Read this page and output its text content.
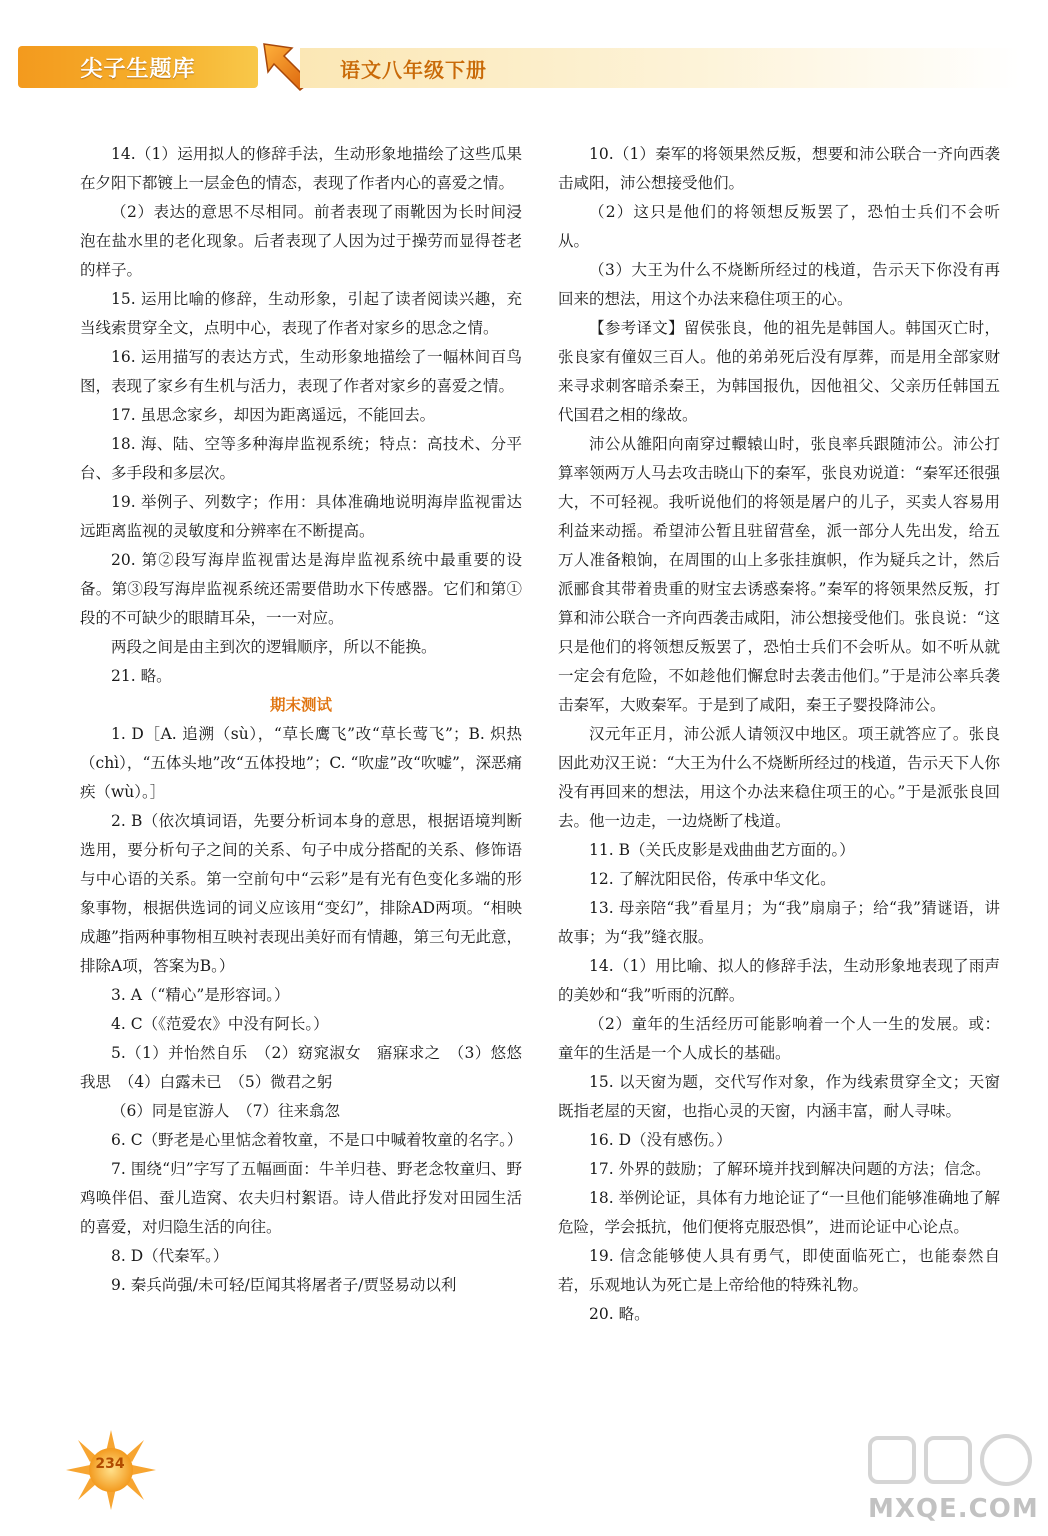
尖子生题库	语文八年级下册
14.（1）运用拟人的修辞手法，生动形象地描绘了这些瓜果在夕阳下都镀上一层金色的情态，表现了作者内心的喜爱之情。
（2）表达的意思不尽相同。前者表现了雨靴因为长时间浸泡在盐水里的老化现象。后者表现了人因为过于操劳而显得苍老的样子。
15. 运用比喻的修辞，生动形象，引起了读者阅读兴趣，充当线索贯穿全文，点明中心，表现了作者对家乡的思念之情。
16. 运用描写的表达方式，生动形象地描绘了一幅林间百鸟图，表现了家乡有生机与活力，表现了作者对家乡的喜爱之情。
17. 虽思念家乡，却因为距离遥远，不能回去。
18. 海、陆、空等多种海岸监视系统；特点：高技术、分平台、多手段和多层次。
19. 举例子、列数字；作用：具体准确地说明海岸监视雷达远距离监视的灵敏度和分辨率在不断提高。
20. 第②段写海岸监视雷达是海岸监视系统中最重要的设备。第③段写海岸监视系统还需要借助水下传感器。它们和第①段的不可缺少的眼睛耳朵，一一对应。
两段之间是由主到次的逻辑顺序，所以不能换。
21. 略。
期末测试
1. D［A. 追溯（sù），“草长鹰飞”改“草长莺飞”；B. 炽热（chì），“五体头地”改“五体投地”；C. “吹虚”改“吹嘘”，深恶痛疾（wù）。］
2. B（依次填词语，先要分析词本身的意思，根据语境判断选用，要分析句子之间的关系、句子中成分搭配的关系、修饰语与中心语的关系。第一空前句中“云彩”是有光有色变化多端的形象事物，根据供选词的词义应该用“变幻”，排除AD两项。“相映成趣”指两种事物相互映衬表现出美好而有情趣，第三句无此意，排除A项，答案为B。）
3. A（“精心”是形容词。）
4. C（《范爱农》中没有阿长。）
5.（1）并怡然自乐　（2）窈窕淑女　寤寐求之　（3）悠悠我思　（4）白露未已　（5）微君之躬
（6）同是宦游人　（7）往来翕忽
6. C（野老是心里惦念着牧童，不是口中喊着牧童的名字。）
7. 围绕“归”字写了五幅画面：牛羊归巷、野老念牧童归、野鸡唤伴侣、蚕儿造窝、农夫归村絮语。诗人借此抒发对田园生活的喜爱，对归隐生活的向往。
8. D（代秦军。）
9. 秦兵尚强/未可轻/臣闻其将屠者子/贾竖易动以利
10.（1）秦军的将领果然反叛，想要和沛公联合一齐向西袭击咸阳，沛公想接受他们。
（2）这只是他们的将领想反叛罢了，恐怕士兵们不会听从。
（3）大王为什么不烧断所经过的栈道，告示天下你没有再回来的想法，用这个办法来稳住项王的心。
【参考译文】留侯张良，他的祖先是韩国人。韩国灭亡时，张良家有僮奴三百人。他的弟弟死后没有厚葬，而是用全部家财来寻求刺客暗杀秦王，为韩国报仇，因他祖父、父亲历任韩国五代国君之相的缘故。
沛公从雒阳向南穿过轘辕山时，张良率兵跟随沛公。沛公打算率领两万人马去攻击晓山下的秦军，张良劝说道：“秦军还很强大，不可轻视。我听说他们的将领是屠户的儿子，买卖人容易用利益来动摇。希望沛公暂且驻留营垒，派一部分人先出发，给五万人准备粮饷，在周围的山上多张挂旗帜，作为疑兵之计，然后派郦食其带着贵重的财宝去诱惑秦将。”秦军的将领果然反叛，打算和沛公联合一齐向西袭击咸阳，沛公想接受他们。张良说：“这只是他们的将领想反叛罢了，恐怕士兵们不会听从。如不听从就一定会有危险，不如趁他们懈怠时去袭击他们。”于是沛公率兵袭击秦军，大败秦军。于是到了咸阳，秦王子婴投降沛公。
汉元年正月，沛公派人请领汉中地区。项王就答应了。张良因此劝汉王说：“大王为什么不烧断所经过的栈道，告示天下人你没有再回来的想法，用这个办法来稳住项王的心。”于是派张良回去。他一边走，一边烧断了栈道。
11. B（关氏皮影是戏曲曲艺方面的。）
12. 了解沈阳民俗，传承中华文化。
13. 母亲陪“我”看星月；为“我”扇扇子；给“我”猜谜语，讲故事；为“我”缝衣服。
14.（1）用比喻、拟人的修辞手法，生动形象地表现了雨声的美妙和“我”听雨的沉醉。
（2）童年的生活经历可能影响着一个人一生的发展。或：童年的生活是一个人成长的基础。
15. 以天窗为题，交代写作对象，作为线索贯穿全文；天窗既指老屋的天窗，也指心灵的天窗，内涵丰富，耐人寻味。
16. D（没有感伤。）
17. 外界的鼓励；了解环境并找到解决问题的方法；信念。
18. 举例论证，具体有力地论证了“一旦他们能够准确地了解危险，学会抵抗，他们便将克服恐惧”，进而论证中心论点。
19. 信念能够使人具有勇气，即使面临死亡，也能泰然自若，乐观地认为死亡是上帝给他的特殊礼物。
20. 略。
234
MXQE.COM
